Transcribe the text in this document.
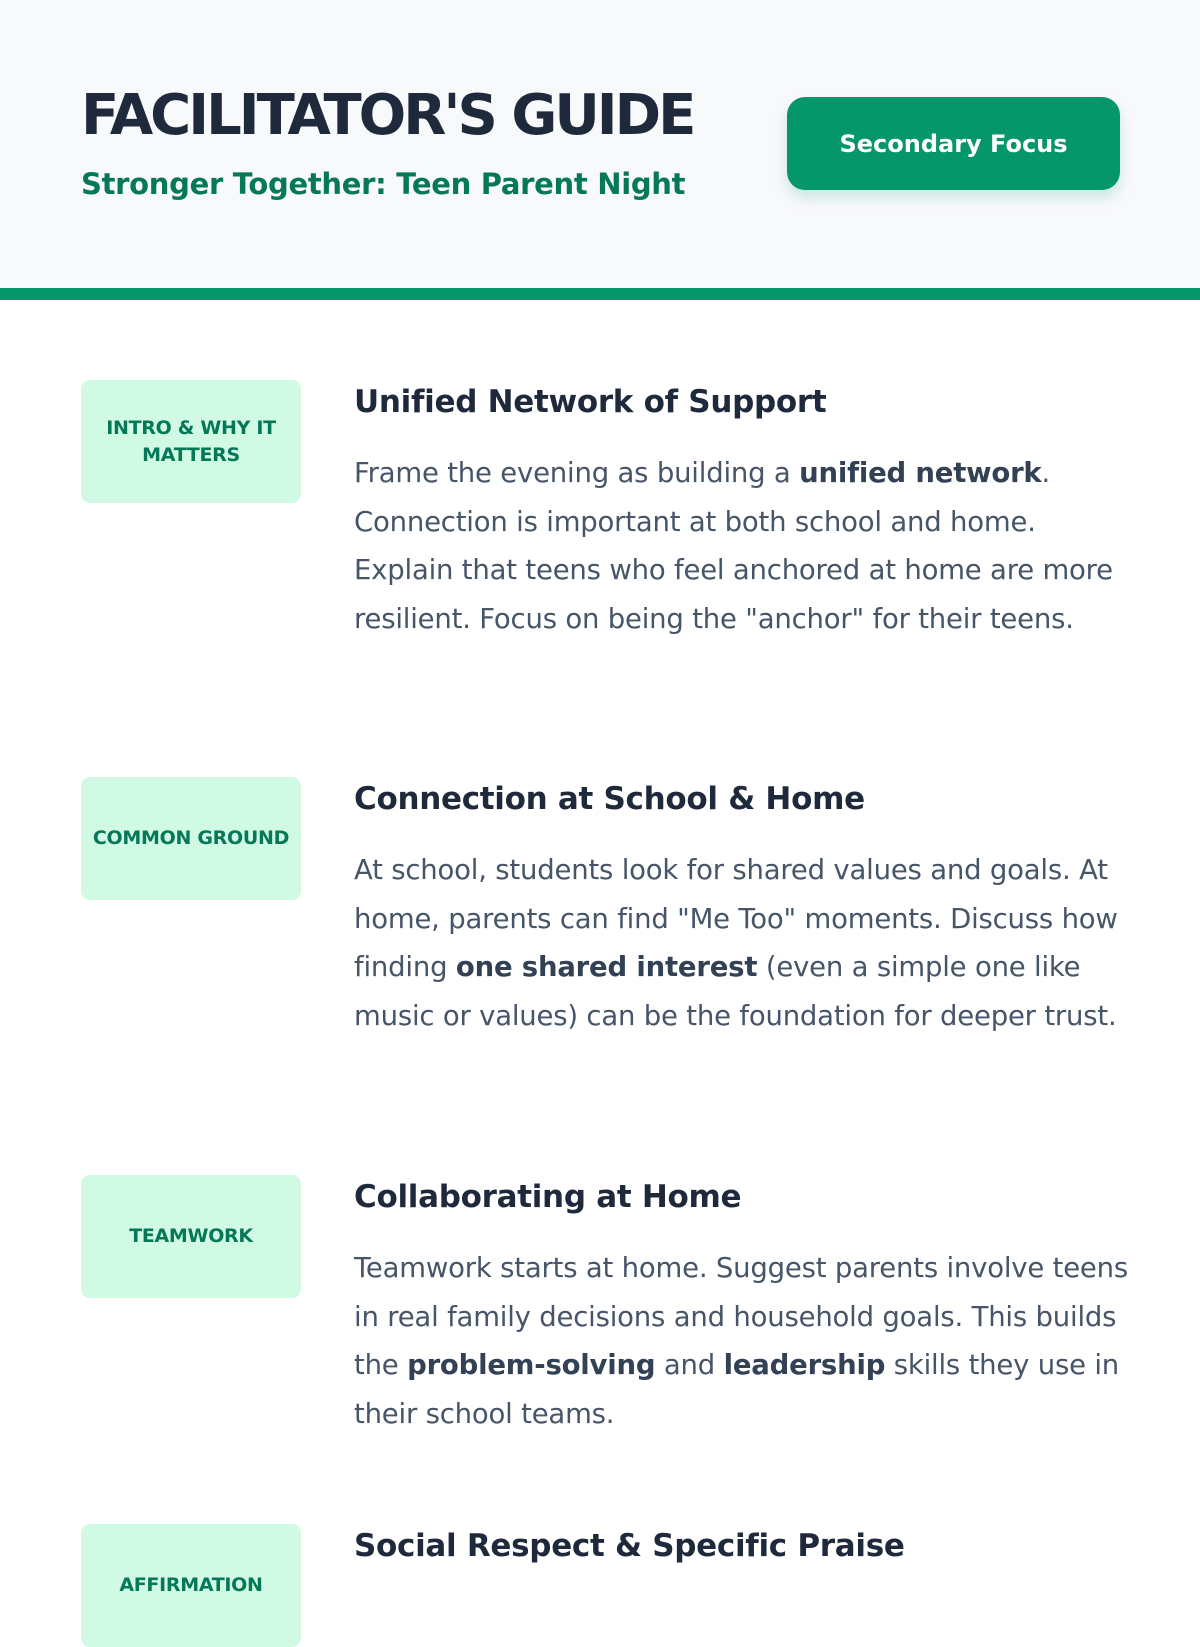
FACILITATOR'S GUIDE
Stronger Together: Teen Parent Night
Secondary Focus
INTRO & WHY IT MATTERS
Unified Network of Support

Frame the evening as building a unified network. Connection is important at both school and home. Explain that teens who feel anchored at home are more resilient. Focus on being the "anchor" for their teens.

COMMON GROUND
Connection at School & Home

At school, students look for shared values and goals. At home, parents can find "Me Too" moments. Discuss how finding one shared interest (even a simple one like music or values) can be the foundation for deeper trust.

TEAMWORK
Collaborating at Home

Teamwork starts at home. Suggest parents involve teens in real family decisions and household goals. This builds the problem-solving and leadership skills they use in their school teams.

AFFIRMATION
Social Respect & Specific Praise
